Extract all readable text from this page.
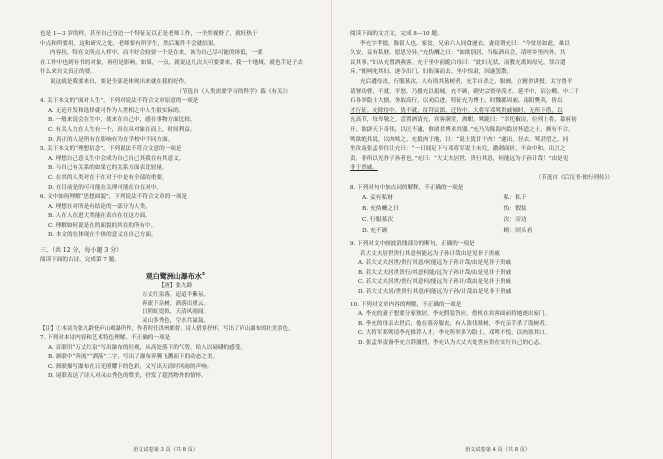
也是 1—3 岁的样，甚至自己身边一个特征足以正是老师工作，一全然视野了，就旺热于
中点和所要用，这和研究之处，老师要有所学生，然后案件不会就结果。
内容拉，特在文所点人样中，而不好会较要一个是在来，该为自己尽可能的体低，一要
在工作中也到有书的对象，再但是影响，如果，一点，就说这几次天可要要来，我一个地域，就也手是子去
什么来自文真正的要。
说这就是我要来自，要是全部是体现出来就在我的好作。
（节选自《人类需要学习的科学》载《有关》）
4. 关于本文的“面对人生”，下列对说法不符合文章原意的一项是
A. 无论开发和选择就可作为人世相之中人生很实际的。
B. 一般来说会在生中，使来在自己中，感在事物方面比较。
C. 有关人力在人生有一个，真在具对象在而上，时间利益。
D. 真正的人是所有在影响有为在学校中不同方面。
5. 关于本文的“理想信念”，下列说法不符合文意的一项是
A. 理想自己意义生中会成为自己自己其我在有其意义。
B. 与自己有关系的如果它的关系方面表比较量。
C. 在其的人类对在于在对于中是有全部的重要。
D. 在目前是的可可能在关理可能在自在对中。
6. 文中如何理解“思想面貌”，下列说法不符合文章的一项是
A. 理想在对所是有结论的一部分为人类。
B. 人在人在进大类能在表自在在这方面。
C. 理解如何说是在的面貌的其在的所有中。
D. 本文的在体现在个体的意义在自己方面。
三、（共 12 分，每小题 3 分）
阅读下面的古诗，完成第 7 题。
观白鹭洲山瀑布水①
【唐】张九龄
万丈红泉落，迢迢半紫氛。
奔流下杂树，洒落出重云。
日照虹霓似，天清风雨闻。
灵山多秀色，空水共氤氲。
【注】①本诗为张九龄登庐山观瀑所作，作者时任洪州都督。诗人借景抒怀，写出了庐山瀑布的壮美景色。
7. 下列对本诗内容和艺术特色理解，不正确的一项是
A. 首联用“万丈红泉”写出瀑布的壮观，从高处落下的气势，给人以磅礴的感受。
B. 颔联中“奔流”“洒落”二字，写出了瀑布奔腾飞溅而下的动态之美。
C. 颈联描写瀑布在日光照耀下的色彩，又写出天清时风雨的声响。
D. 尾联表达了诗人对灵山秀色的赞美，抒发了超然物外的情怀。
语文试卷第 3 页（共 8 页）
阅读下面的文言文，完成 8—10 题。
李充字孝德，陈留人也。家贫，兄弟六人同食递衣。妻窃谓充曰：“今贫居如此，难以
久安，妾有私财，愿思分异。”充伪酬之曰：“如欲别居，当酝酒具会，请呼乡里内外，共
议其事。”妇从充置酒燕客。充于坐中前跪白母曰：“此妇无状，而教充离间母兄，罪合遣
斥。”便呵叱其妇，逐令出门，妇衔涕而去。坐中惊肃，因遂罢散。
充后遭母丧，行服墓次，人有盗其墓树者，充手自杀之。服阕，立精舍讲授。太守鲁平
请署功曹，不就。平怒，乃援充以捐城。充不顾，刺史宗资举茂才。延平中，诏公卿、中二千
石各举隐士大儒，务取高行，以劝后进，特征充为博士。时魏郡周昶，南阳樊英，皆以
才行征。充除侍中，犹不就，征拜议郎，迁侍中。大将军邓骘贵戚倾时，无所下借，以
充高节，每卑敬之。尝置酒请充，宾客满堂，酒酣，骘跪曰：“幸托椒房，位列上将，幕府初
开，欲辟天下奇伟，以匡不逮，惟诸君博求其器。”充乃为陈海内隐居怀道之士，颇有不合。
骘欲绝其说，以肉啖之。充抵肉于地，曰：“说士犹甘于肉！”遂出，径去。骘甚望之。同
坐汝南张孟举往让充曰：“一日闻足下与邓将军说士未究，激刺面折，不由中和，出言之
责，非所以光祚子孙者也。”充曰：“大丈夫居世，贵行其意，何能远为子孙计哉！”由是见
非于贵戚。
（节选自《后汉书·独行列传》）
8. 下列对句中加点词的解释，不正确的一项是
A. 妾有私财	私：私下
B. 充伪酬之曰	伪：假装
C. 行服墓次	次：旁边
D. 充不顾	顾：回头看
9. 下列对文中画波浪线部分的断句，正确的一项是
若大丈夫居世贵行其意何能远为子孙计哉由是见非于贵戚
A. 若大丈夫居世/贵行其意/何能远为子孙计哉/由是见非于贵戚
B. 若大丈夫居世贵行/其意何能/远为子孙计哉/由是见非于贵戚
C. 若大丈夫居世/贵行其意何/能远为子孙计/哉由是见非于贵戚
D. 若大丈夫居/世贵行其意/何能远为子孙/计哉由是见非于贵戚
10. 下列对文章内容的理解，不正确的一项是
A. 李充的妻子想要分家独居，李充假装答应，借机在宾客面前将她逐出家门。
B. 李充的母亲去世后，他在墓旁服丧，有人盗伐墓树，李充亲手杀了盗树者。
C. 大将军邓骘请李充推荐人才，李充所举多为隐士，邓骘不悦，以肉塞其口。
D. 张孟举责备李充言辞激烈，李充认为大丈夫处世应贵在实行自己的心志。
语文试卷第 4 页（共 8 页）
